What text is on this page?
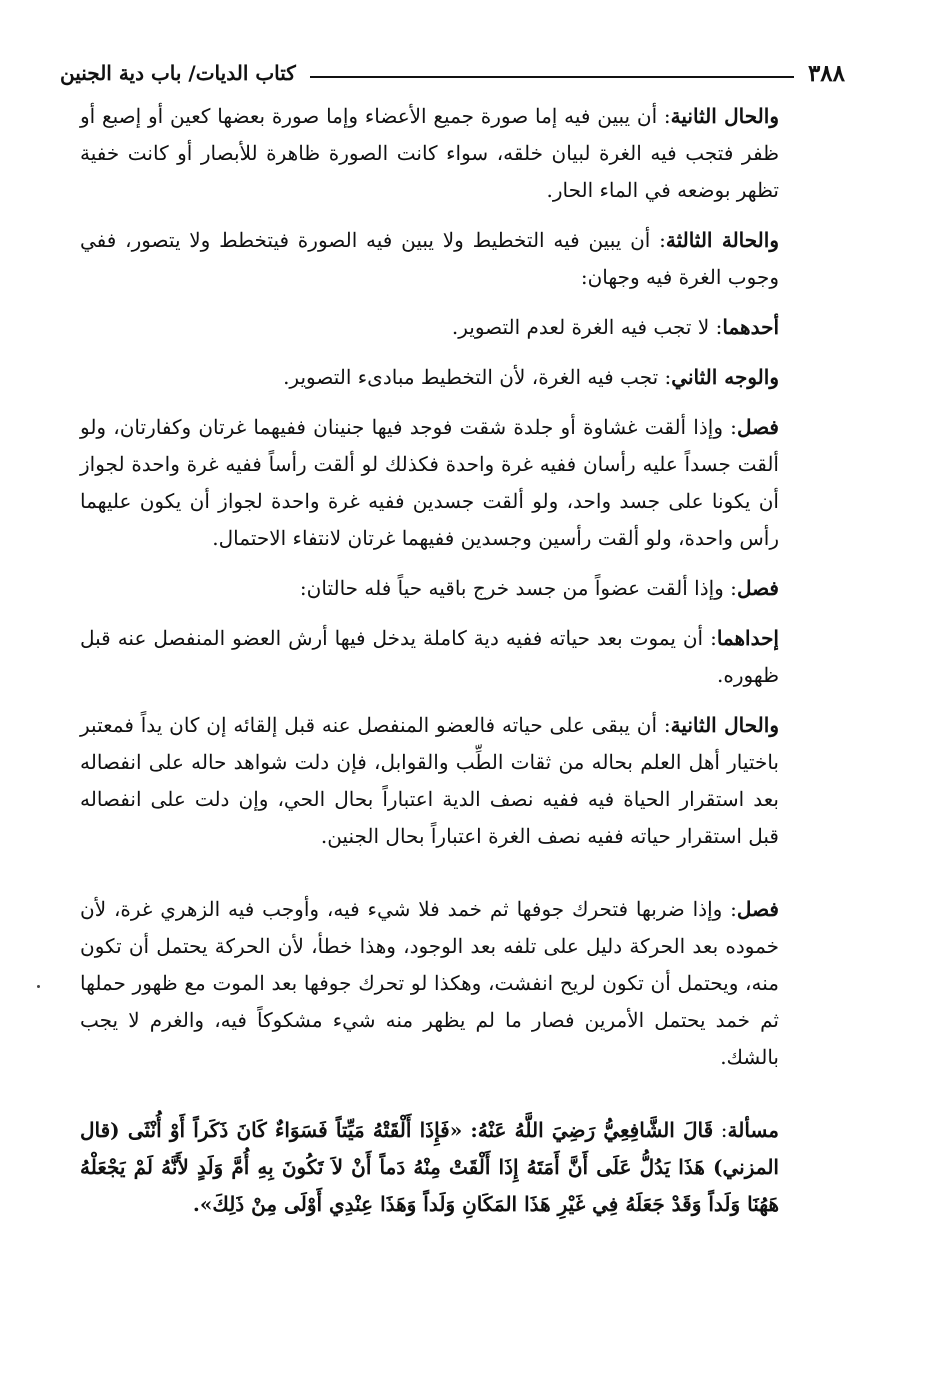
٣٨٨
كتاب الديات/ باب دية الجنين

والحال الثانية: أن يبين فيه إما صورة جميع الأعضاء وإما صورة بعضها كعين أو إصبع أو ظفر فتجب فيه الغرة لبيان خلقه، سواء كانت الصورة ظاهرة للأبصار أو كانت خفية تظهر بوضعه في الماء الحار.

والحالة الثالثة: أن يبين فيه التخطيط ولا يبين فيه الصورة فيتخطط ولا يتصور، ففي وجوب الغرة فيه وجهان:

أحدهما: لا تجب فيه الغرة لعدم التصوير.

والوجه الثاني: تجب فيه الغرة، لأن التخطيط مبادىء التصوير.

فصل: وإذا ألقت غشاوة أو جلدة شقت فوجد فيها جنينان ففيهما غرتان وكفارتان، ولو ألقت جسداً عليه رأسان ففيه غرة واحدة فكذلك لو ألقت رأساً ففيه غرة واحدة لجواز أن يكونا على جسد واحد، ولو ألقت جسدين ففيه غرة واحدة لجواز أن يكون عليهما رأس واحدة، ولو ألقت رأسين وجسدين ففيهما غرتان لانتفاء الاحتمال.

فصل: وإذا ألقت عضواً من جسد خرج باقيه حياً فله حالتان:

إحداهما: أن يموت بعد حياته ففيه دية كاملة يدخل فيها أرش العضو المنفصل عنه قبل ظهوره.

والحال الثانية: أن يبقى على حياته فالعضو المنفصل عنه قبل إلقائه إن كان يداً فمعتبر باختيار أهل العلم بحاله من ثقات الطِّب والقوابل، فإن دلت شواهد حاله على انفصاله بعد استقرار الحياة فيه ففيه نصف الدية اعتباراً بحال الحي، وإن دلت على انفصاله قبل استقرار حياته ففيه نصف الغرة اعتباراً بحال الجنين.

فصل: وإذا ضربها فتحرك جوفها ثم خمد فلا شيء فيه، وأوجب فيه الزهري غرة، لأن خموده بعد الحركة دليل على تلفه بعد الوجود، وهذا خطأ، لأن الحركة يحتمل أن تكون منه، ويحتمل أن تكون لريح انفشت، وهكذا لو تحرك جوفها بعد الموت مع ظهور حملها ثم خمد يحتمل الأمرين فصار ما لم يظهر منه شيء مشكوكاً فيه، والغرم لا يجب بالشك.

مسألة: قَالَ الشَّافِعِيُّ رَضِيَ اللَّهُ عَنْهُ: «فَإِذَا أَلْقَتْهُ مَيِّتاً فَسَوَاءٌ كَانَ ذَكَراً أَوْ أُنْثَى (قال المزني) هَذَا يَدُلُّ عَلَى أَنَّ أَمَتَهُ إِذَا أَلْقَتْ مِنْهُ دَماً أَنْ لاَ تَكُونَ بِهِ أُمَّ وَلَدٍ لأَنَّهُ لَمْ يَجْعَلْهُ هَهُنَا وَلَداً وَقَدْ جَعَلَهُ فِي غَيْرِ هَذَا المَكَانِ وَلَداً وَهَذَا عِنْدِي أَوْلَى مِنْ ذَلِكَ».
